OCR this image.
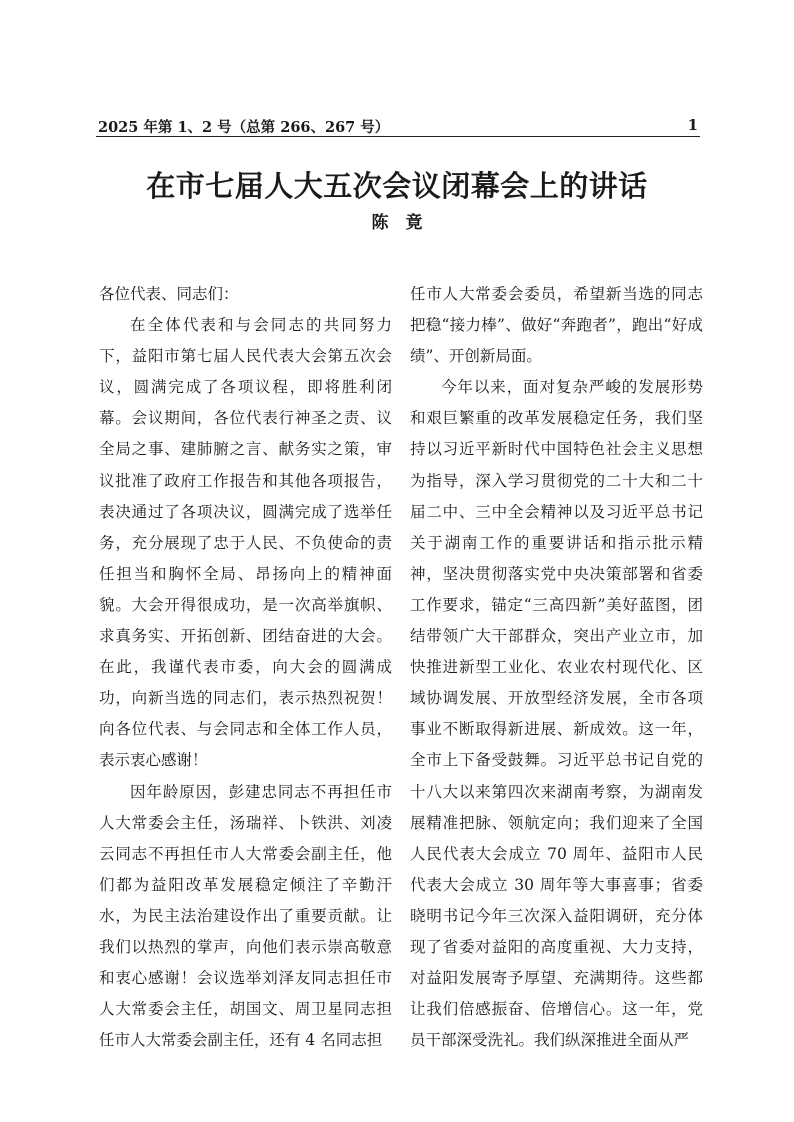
2025 年第 1、2 号（总第 266、267 号）	1
在市七届人大五次会议闭幕会上的讲话
陈　竟

各位代表、同志们：

在全体代表和与会同志的共同努力下，益阳市第七届人民代表大会第五次会议，圆满完成了各项议程，即将胜利闭幕。会议期间，各位代表行神圣之责、议全局之事、建肺腑之言、献务实之策，审议批准了政府工作报告和其他各项报告，表决通过了各项决议，圆满完成了选举任务，充分展现了忠于人民、不负使命的责任担当和胸怀全局、昂扬向上的精神面貌。大会开得很成功，是一次高举旗帜、求真务实、开拓创新、团结奋进的大会。在此，我谨代表市委，向大会的圆满成功，向新当选的同志们，表示热烈祝贺！向各位代表、与会同志和全体工作人员，表示衷心感谢！

因年龄原因，彭建忠同志不再担任市人大常委会主任，汤瑞祥、卜铁洪、刘凌云同志不再担任市人大常委会副主任，他们都为益阳改革发展稳定倾注了辛勤汗水，为民主法治建设作出了重要贡献。让我们以热烈的掌声，向他们表示崇高敬意和衷心感谢！会议选举刘泽友同志担任市人大常委会主任，胡国文、周卫星同志担任市人大常委会副主任，还有 4 名同志担

任市人大常委会委员，希望新当选的同志把稳“接力棒”、做好“奔跑者”，跑出“好成绩”、开创新局面。

今年以来，面对复杂严峻的发展形势和艰巨繁重的改革发展稳定任务，我们坚持以习近平新时代中国特色社会主义思想为指导，深入学习贯彻党的二十大和二十届二中、三中全会精神以及习近平总书记关于湖南工作的重要讲话和指示批示精神，坚决贯彻落实党中央决策部署和省委工作要求，锚定“三高四新”美好蓝图，团结带领广大干部群众，突出产业立市，加快推进新型工业化、农业农村现代化、区域协调发展、开放型经济发展，全市各项事业不断取得新进展、新成效。这一年，全市上下备受鼓舞。习近平总书记自党的十八大以来第四次来湖南考察，为湖南发展精准把脉、领航定向；我们迎来了全国人民代表大会成立 70 周年、益阳市人民代表大会成立 30 周年等大事喜事；省委晓明书记今年三次深入益阳调研，充分体现了省委对益阳的高度重视、大力支持，对益阳发展寄予厚望、充满期待。这些都让我们倍感振奋、倍增信心。这一年，党员干部深受洗礼。我们纵深推进全面从严
